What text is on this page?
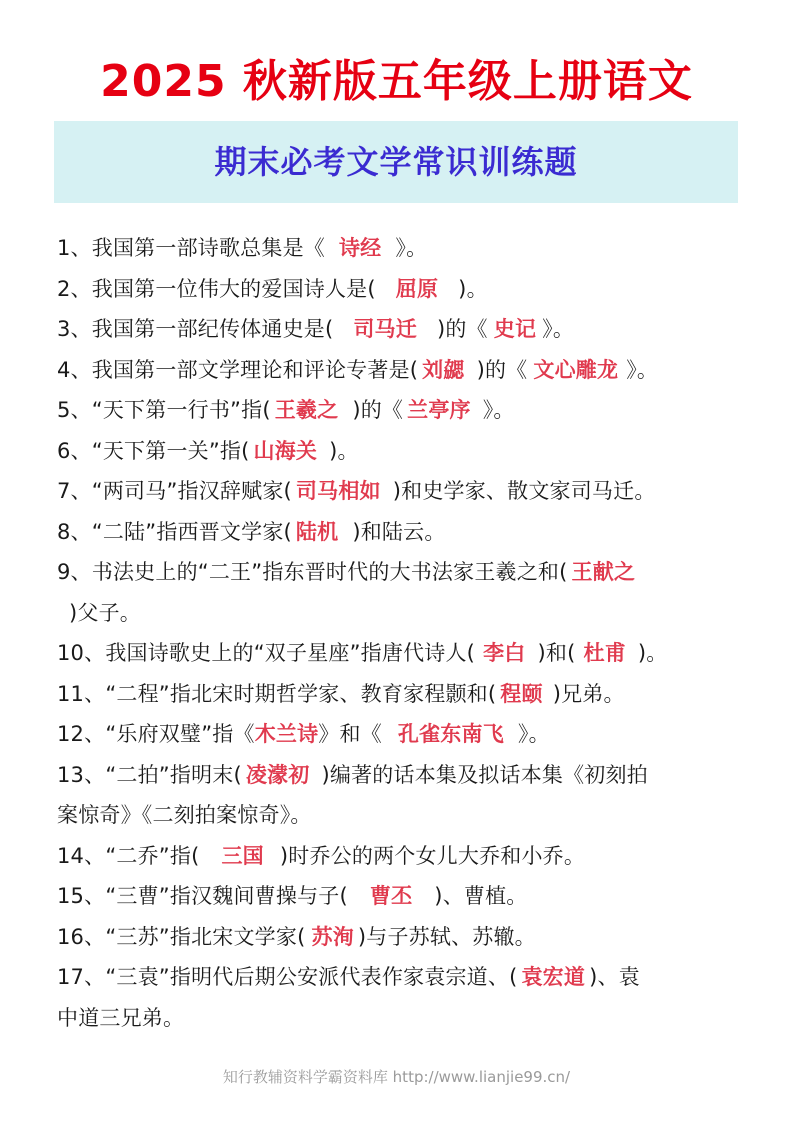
2025 秋新版五年级上册语文
期末必考文学常识训练题
1、我国第一部诗歌总集是《 诗经 》。
2、我国第一位伟大的爱国诗人是( 屈原 )。
3、我国第一部纪传体通史是( 司马迁 )的《 史记 》。
4、我国第一部文学理论和评论专著是( 刘勰 )的《 文心雕龙 》。
5、“天下第一行书”指( 王羲之 )的《 兰亭序 》。
6、“天下第一关”指( 山海关 )。
7、“两司马”指汉辞赋家( 司马相如 )和史学家、散文家司马迁。
8、“二陆”指西晋文学家( 陆机 )和陆云。
9、书法史上的“二王”指东晋时代的大书法家王羲之和( 王献之
)父子。
10、我国诗歌史上的“双子星座”指唐代诗人( 李白 )和( 杜甫 )。
11、“二程”指北宋时期哲学家、教育家程颢和( 程颐 )兄弟。
12、“乐府双璧”指《木兰诗》和《 孔雀东南飞 》。
13、“二拍”指明末( 凌濛初 )编著的话本集及拟话本集《初刻拍
案惊奇》《二刻拍案惊奇》。
14、“二乔”指( 三国 )时乔公的两个女儿大乔和小乔。
15、“三曹”指汉魏间曹操与子( 曹丕 )、曹植。
16、“三苏”指北宋文学家( 苏洵 )与子苏轼、苏辙。
17、“三袁”指明代后期公安派代表作家袁宗道、( 袁宏道 )、袁
中道三兄弟。
知行教辅资料学霸资料库 http://www.lianjie99.cn/
